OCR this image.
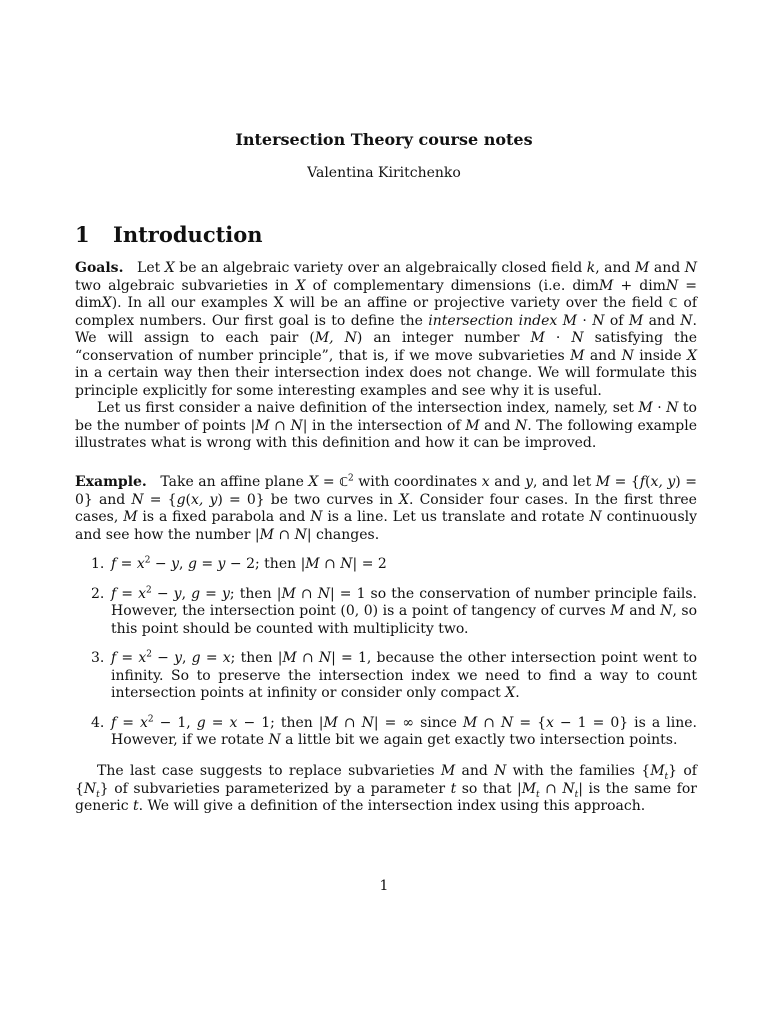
Intersection Theory course notes
Valentina Kiritchenko
1 Introduction

Goals.   Let X be an algebraic variety over an algebraically closed field k, and M and N two algebraic subvarieties in X of complementary dimensions (i.e. dimM + dimN = dimX). In all our examples X will be an affine or projective variety over the field ℂ of complex numbers. Our first goal is to define the intersection index M · N of M and N. We will assign to each pair (M, N) an integer number M · N satisfying the “conservation of number principle”, that is, if we move subvarieties M and N inside X in a certain way then their intersection index does not change. We will formulate this principle explicitly for some interesting examples and see why it is useful.

Let us first consider a naive definition of the intersection index, namely, set M · N to be the number of points |M ∩ N| in the intersection of M and N. The following example illustrates what is wrong with this definition and how it can be improved.

Example.   Take an affine plane X = ℂ$^2$ with coordinates x and y, and let M = {f(x, y) = 0} and N = {g(x, y) = 0} be two curves in X. Consider four cases. In the first three cases, M is a fixed parabola and N is a line. Let us translate and rotate N continuously and see how the number |M ∩ N| changes.

1. $f = x^2 - y$, g = y − 2; then |M ∩ N| = 2
2. $f = x^2 - y$, g = y; then |M ∩ N| = 1 so the conservation of number principle fails. However, the intersection point (0, 0) is a point of tangency of curves M and N, so this point should be counted with multiplicity two.
3. $f = x^2 - y$, g = x; then |M ∩ N| = 1, because the other intersection point went to infinity. So to preserve the intersection index we need to find a way to count intersection points at infinity or consider only compact X.
4. $f = x^2 - 1$, g = x − 1; then |M ∩ N| = ∞ since M ∩ N = {x − 1 = 0} is a line. However, if we rotate N a little bit we again get exactly two intersection points.

The last case suggests to replace subvarieties M and N with the families $\{M_t\}$ of $\{N_t\}$ of subvarieties parameterized by a parameter t so that $|M_t$ ∩ $N_t|$ is the same for generic t. We will give a definition of the intersection index using this approach.

1
